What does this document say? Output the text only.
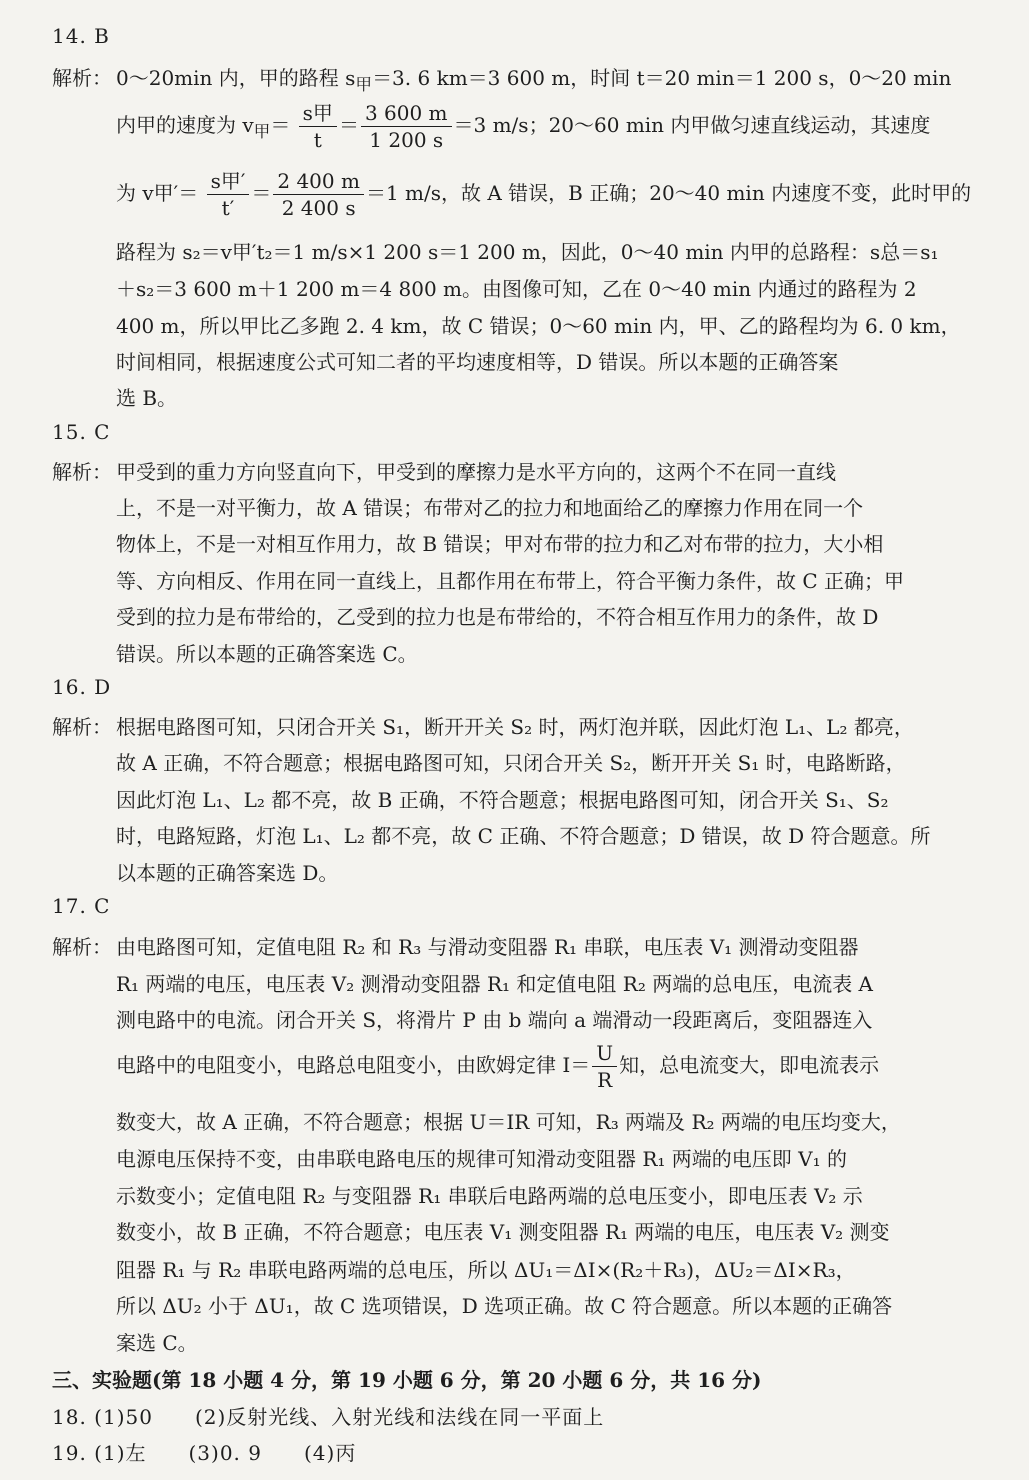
14. B
解析： 0～20min 内，甲的路程 $s_甲=3$. 6 km＝3 600 m，时间 t＝20 min＝1 200 s，0～20 min
内甲的速度为 $v_甲= \frac{\text{s甲}}{t} = \frac{3 600 m}{1 200 s} =3$ m/s；20～60 min 内甲做匀速直线运动，其速度
为 v甲′＝ $\frac{\text{s甲′}}{t'} = \frac{2 400 m}{2 400 s} =1$ m/s，故 A 错误，B 正确；20～40 min 内速度不变，此时甲的
路程为 s₂＝v甲′t₂＝1 m/s×1 200 s＝1 200 m，因此，0～40 min 内甲的总路程：s总＝s₁
＋s₂＝3 600 m＋1 200 m＝4 800 m。由图像可知，乙在 0～40 min 内通过的路程为 2
400 m，所以甲比乙多跑 2. 4 km，故 C 错误；0～60 min 内，甲、乙的路程均为 6. 0 km，
时间相同，根据速度公式可知二者的平均速度相等，D 错误。所以本题的正确答案
选 B。
15. C
解析： 甲受到的重力方向竖直向下，甲受到的摩擦力是水平方向的，这两个不在同一直线
上，不是一对平衡力，故 A 错误；布带对乙的拉力和地面给乙的摩擦力作用在同一个
物体上，不是一对相互作用力，故 B 错误；甲对布带的拉力和乙对布带的拉力，大小相
等、方向相反、作用在同一直线上，且都作用在布带上，符合平衡力条件，故 C 正确；甲
受到的拉力是布带给的，乙受到的拉力也是布带给的，不符合相互作用力的条件，故 D
错误。所以本题的正确答案选 C。
16. D
解析： 根据电路图可知，只闭合开关 S₁，断开开关 S₂ 时，两灯泡并联，因此灯泡 L₁、L₂ 都亮，
故 A 正确，不符合题意；根据电路图可知，只闭合开关 S₂，断开开关 S₁ 时，电路断路，
因此灯泡 L₁、L₂ 都不亮，故 B 正确，不符合题意；根据电路图可知，闭合开关 S₁、S₂
时，电路短路，灯泡 L₁、L₂ 都不亮，故 C 正确、不符合题意；D 错误，故 D 符合题意。所
以本题的正确答案选 D。
17. C
解析： 由电路图可知，定值电阻 R₂ 和 R₃ 与滑动变阻器 R₁ 串联，电压表 V₁ 测滑动变阻器
R₁ 两端的电压，电压表 V₂ 测滑动变阻器 R₁ 和定值电阻 R₂ 两端的总电压，电流表 A
测电路中的电流。闭合开关 S，将滑片 P 由 b 端向 a 端滑动一段距离后，变阻器连入
电路中的电阻变小，电路总电阻变小，由欧姆定律 $I= \frac{U}{R}$ 知，总电流变大，即电流表示
数变大，故 A 正确，不符合题意；根据 U＝IR 可知，R₃ 两端及 R₂ 两端的电压均变大，
电源电压保持不变，由串联电路电压的规律可知滑动变阻器 R₁ 两端的电压即 V₁ 的
示数变小；定值电阻 R₂ 与变阻器 R₁ 串联后电路两端的总电压变小，即电压表 V₂ 示
数变小，故 B 正确，不符合题意；电压表 V₁ 测变阻器 R₁ 两端的电压，电压表 V₂ 测变
阻器 R₁ 与 R₂ 串联电路两端的总电压，所以 ΔU₁＝ΔI×(R₂＋R₃)，ΔU₂＝ΔI×R₃，
所以 ΔU₂ 小于 ΔU₁，故 C 选项错误，D 选项正确。故 C 符合题意。所以本题的正确答
案选 C。
三、实验题(第 18 小题 4 分，第 19 小题 6 分，第 20 小题 6 分，共 16 分)
18. (1)50　　(2)反射光线、入射光线和法线在同一平面上
19. (1)左　　(3)0. 9　　(4)丙
